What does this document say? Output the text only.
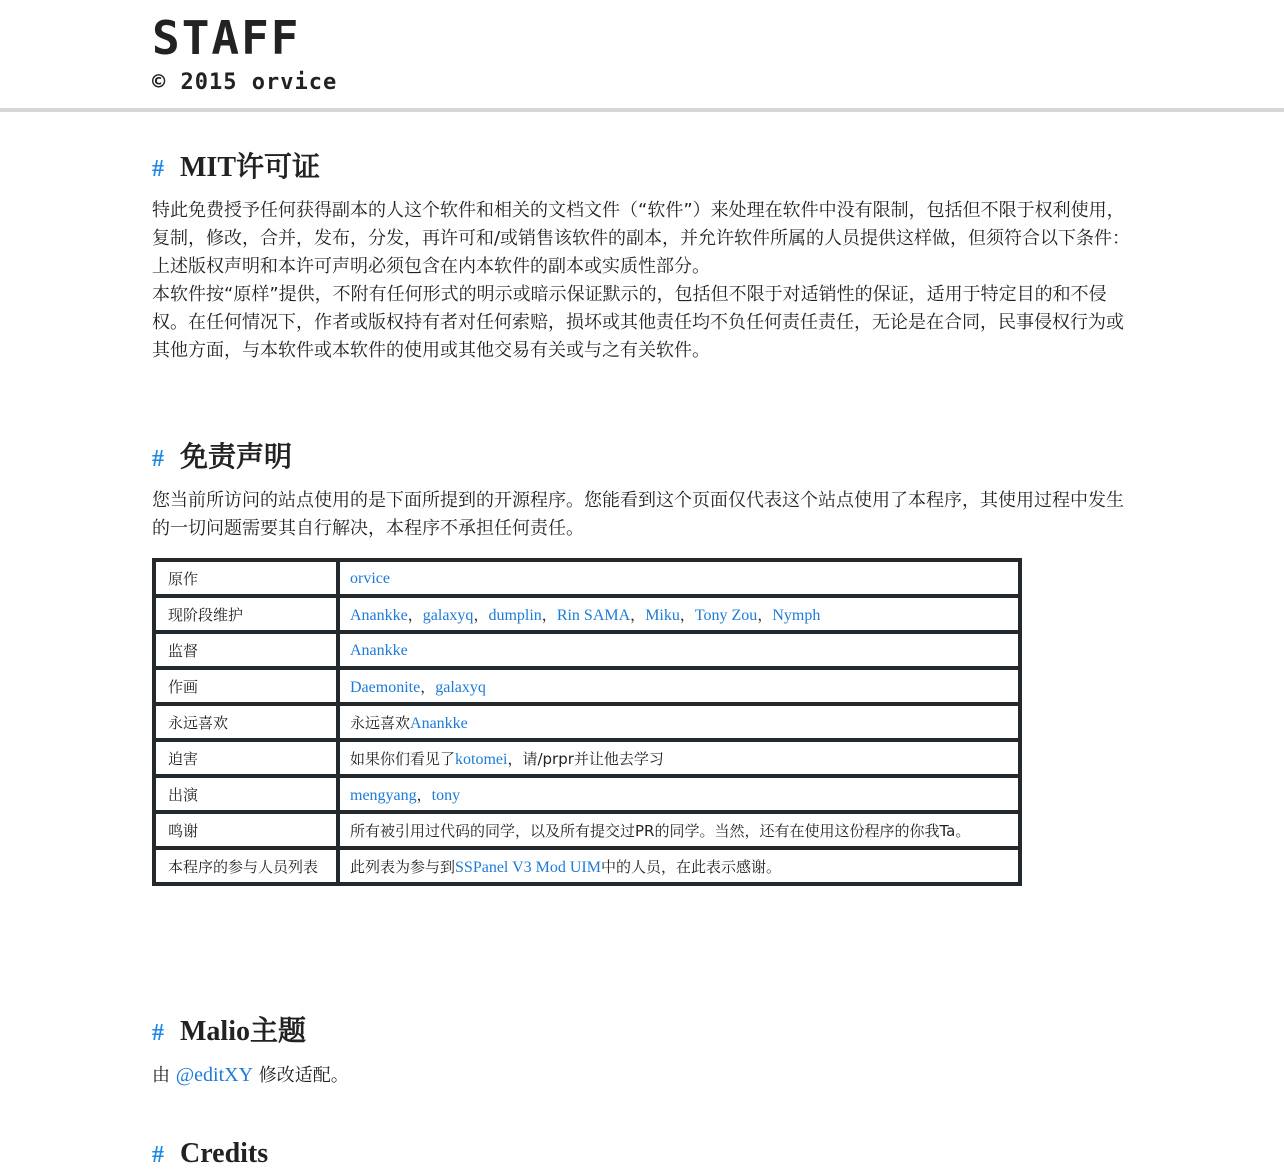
STAFF
© 2015 orvice
# MIT许可证

特此免费授予任何获得副本的人这个软件和相关的文档文件（“软件”）来处理在软件中没有限制，包括但不限于权利使用，复制，修改，合并，发布，分发，再许可和/或销售该软件的副本，并允许软件所属的人员提供这样做，但须符合以下条件：

上述版权声明和本许可声明必须包含在内本软件的副本或实质性部分。

本软件按“原样”提供，不附有任何形式的明示或暗示保证默示的，包括但不限于对适销性的保证，适用于特定目的和不侵权。在任何情况下，作者或版权持有者对任何索赔，损坏或其他责任均不负任何责任责任，无论是在合同，民事侵权行为或其他方面，与本软件或本软件的使用或其他交易有关或与之有关软件。

# 免责声明

您当前所访问的站点使用的是下面所提到的开源程序。您能看到这个页面仅代表这个站点使用了本程序，其使用过程中发生的一切问题需要其自行解决，本程序不承担任何责任。

原作	orvice
现阶段维护	Anankke，galaxyq，dumplin，Rin SAMA，Miku，Tony Zou，Nymph
监督	Anankke
作画	Daemonite，galaxyq
永远喜欢	永远喜欢Anankke
迫害	如果你们看见了kotomei，请/prpr并让他去学习
出演	mengyang，tony
鸣谢	所有被引用过代码的同学，以及所有提交过PR的同学。当然，还有在使用这份程序的你我Ta。
本程序的参与人员列表	此列表为参与到SSPanel V3 Mod UIM中的人员，在此表示感谢。
# Malio主题

由 @editXY 修改适配。

# Credits
